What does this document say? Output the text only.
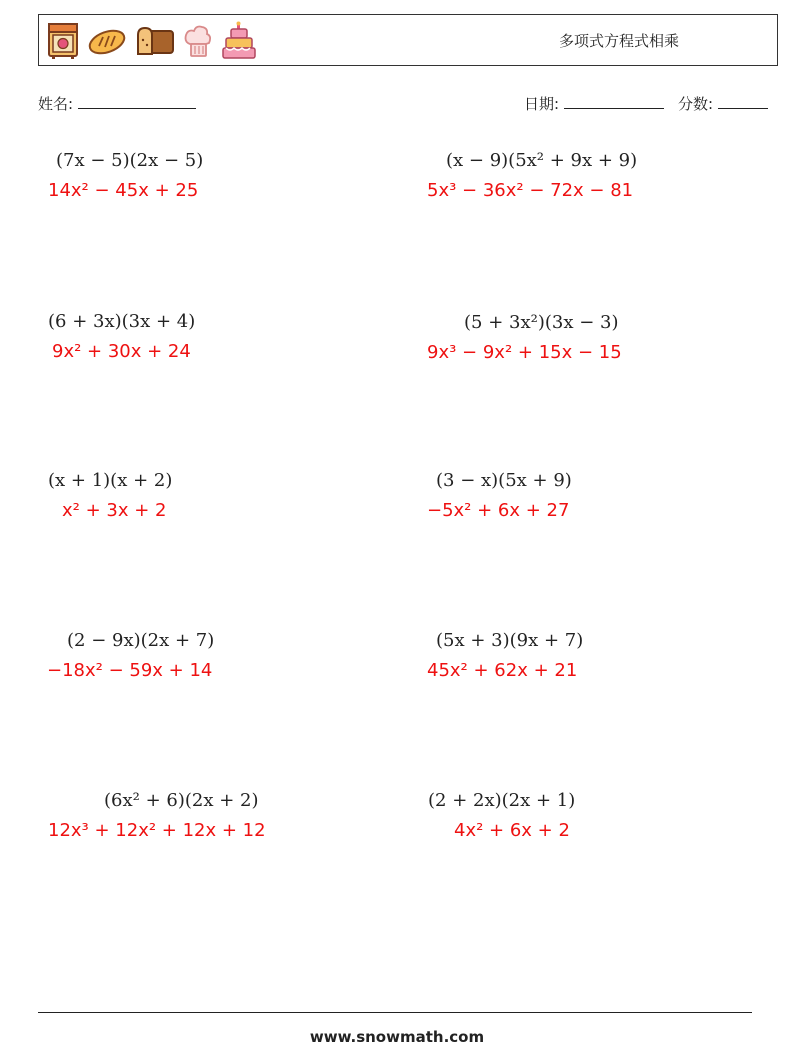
多项式方程式相乘
姓名:	日期:	分数:
(7x − 5)(2x − 5)
14x² − 45x + 25
(x − 9)(5x² + 9x + 9)
5x³ − 36x² − 72x − 81
(6 + 3x)(3x + 4)
9x² + 30x + 24
(5 + 3x²)(3x − 3)
9x³ − 9x² + 15x − 15
(x + 1)(x + 2)
x² + 3x + 2
(3 − x)(5x + 9)
−5x² + 6x + 27
(2 − 9x)(2x + 7)
−18x² − 59x + 14
(5x + 3)(9x + 7)
45x² + 62x + 21
(6x² + 6)(2x + 2)
12x³ + 12x² + 12x + 12
(2 + 2x)(2x + 1)
4x² + 6x + 2
www.snowmath.com
